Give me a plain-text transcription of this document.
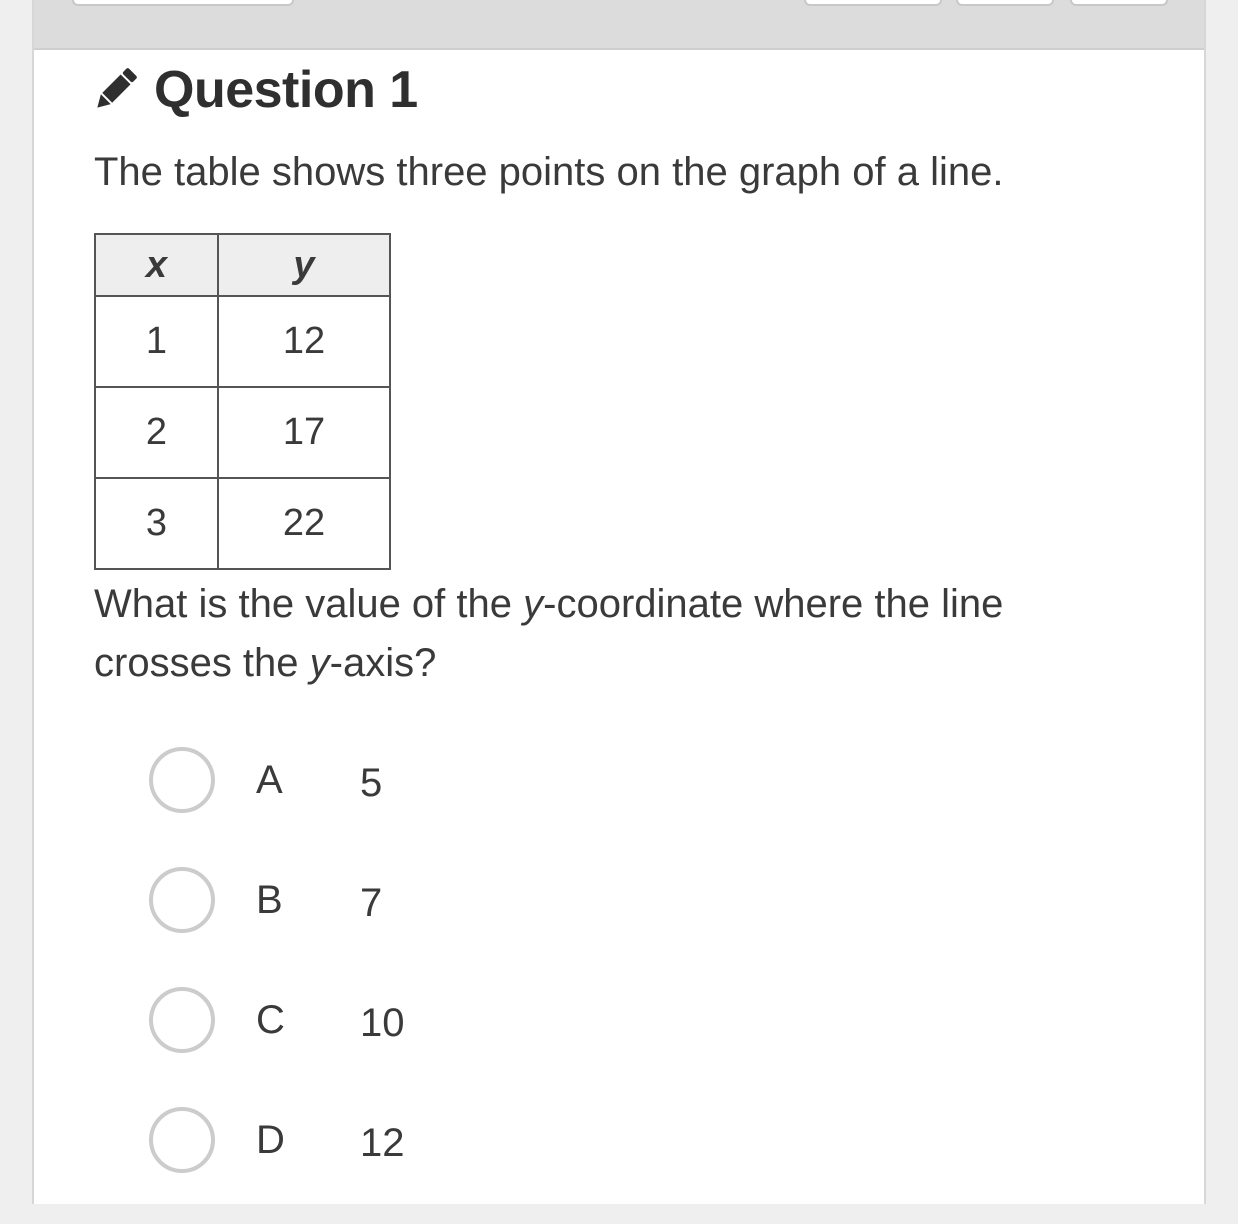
Question 1
The table shows three points on the graph of a line.
x	y
1	12
2	17
3	22
What is the value of the y-coordinate where the line crosses the y-axis?
A	5
B	7
C	10
D	12
